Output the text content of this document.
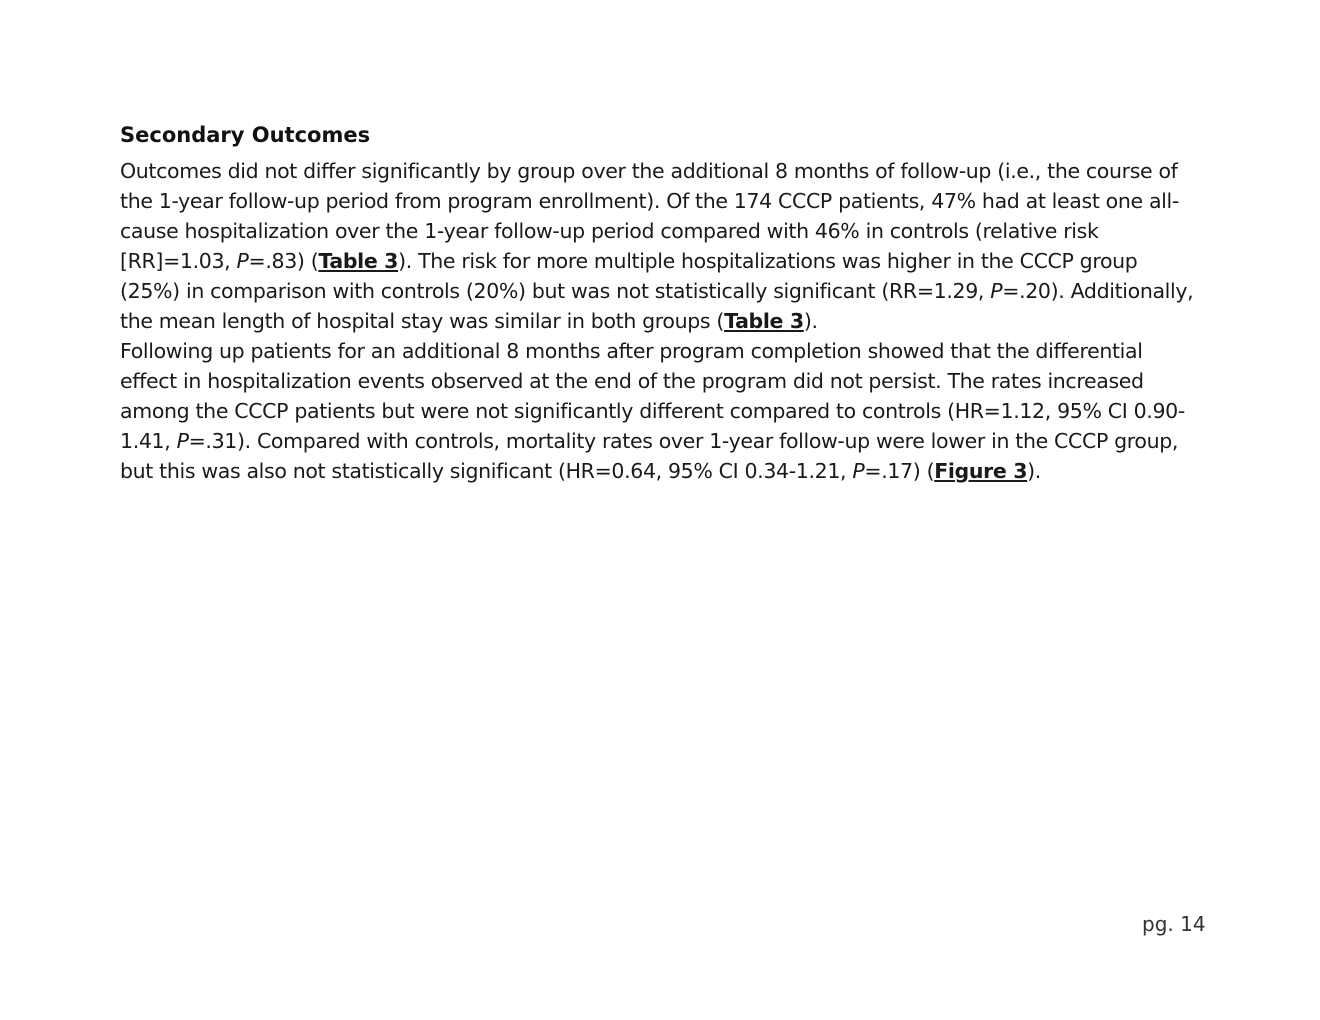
Secondary Outcomes

Outcomes did not differ significantly by group over the additional 8 months of follow-up (i.e., the course of the 1-year follow-up period from program enrollment). Of the 174 CCCP patients, 47% had at least one all-cause hospitalization over the 1-year follow-up period compared with 46% in controls (relative risk [RR]=1.03, P=.83) (Table 3). The risk for more multiple hospitalizations was higher in the CCCP group (25%) in comparison with controls (20%) but was not statistically significant (RR=1.29, P=.20). Additionally, the mean length of hospital stay was similar in both groups (Table 3).

Following up patients for an additional 8 months after program completion showed that the differential effect in hospitalization events observed at the end of the program did not persist. The rates increased among the CCCP patients but were not significantly different compared to controls (HR=1.12, 95% CI 0.90-1.41, P=.31). Compared with controls, mortality rates over 1-year follow-up were lower in the CCCP group, but this was also not statistically significant (HR=0.64, 95% CI 0.34-1.21, P=.17) (Figure 3).

pg. 14
